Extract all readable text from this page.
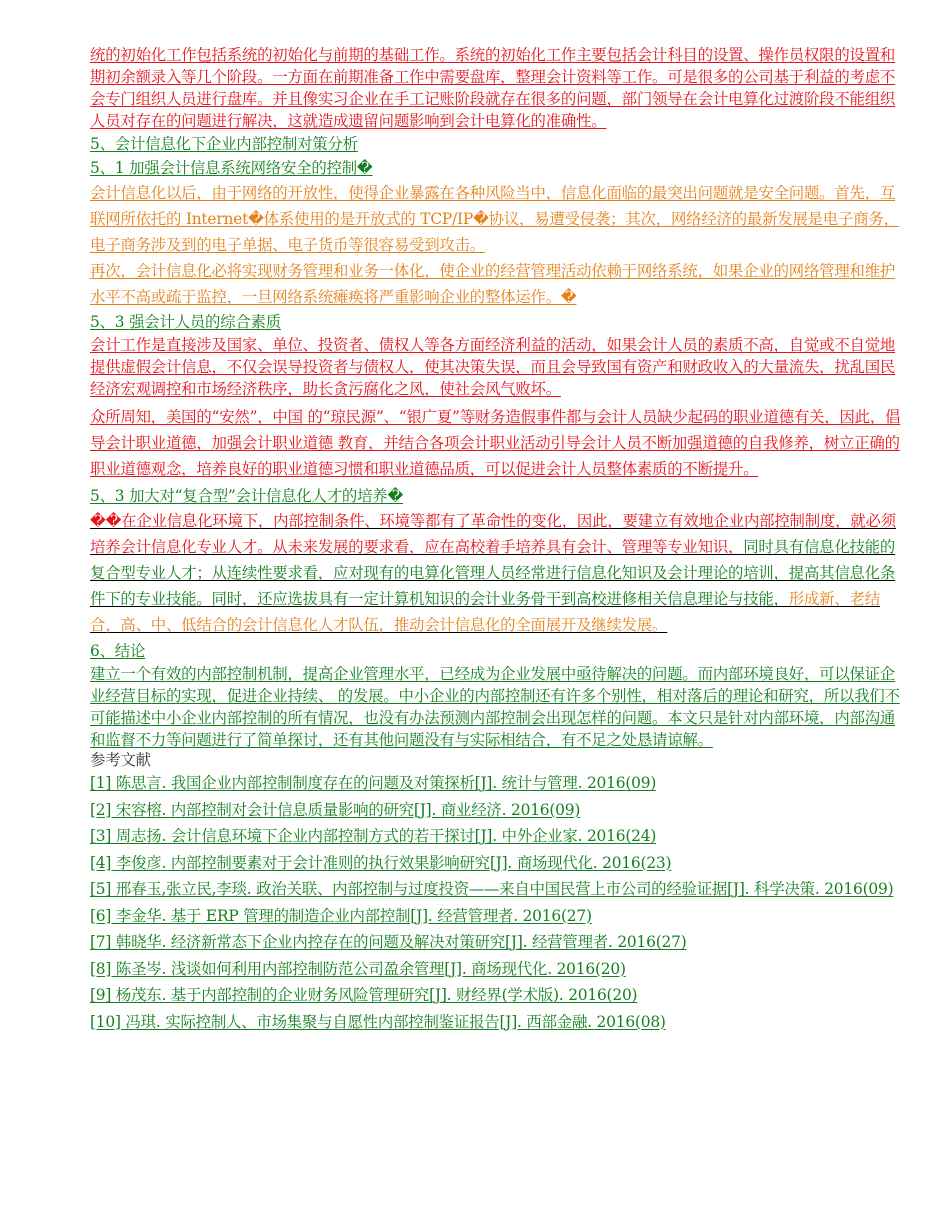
统的初始化工作包括系统的初始化与前期的基础工作。系统的初始化工作主要包括会计科目的设置、操作员权限的设置和期初余额录入等几个阶段。一方面在前期准备工作中需要盘库，整理会计资料等工作。可是很多的公司基于利益的考虑不会专门组织人员进行盘库。并且像实习企业在手工记账阶段就存在很多的问题，部门领导在会计电算化过渡阶段不能组织人员对存在的问题进行解决，这就造成遗留问题影响到会计电算化的准确性。

5、会计信息化下企业内部控制对策分析

5、1 加强会计信息系统网络安全的控制�

会计信息化以后，由于网络的开放性，使得企业暴露在各种风险当中，信息化面临的最突出问题就是安全问题。首先，互联网所依托的 Internet�体系使用的是开放式的 TCP/IP�协议，易遭受侵袭；其次，网络经济的最新发展是电子商务，电子商务涉及到的电子单据、电子货币等很容易受到攻击。

再次，会计信息化必将实现财务管理和业务一体化，使企业的经营管理活动依赖于网络系统，如果企业的网络管理和维护水平不高或疏于监控，一旦网络系统瘫痪将严重影响企业的整体运作。�

5、3 强会计人员的综合素质

会计工作是直接涉及国家、单位、投资者、债权人等各方面经济利益的活动，如果会计人员的素质不高，自觉或不自觉地提供虚假会计信息，不仅会误导投资者与债权人，使其决策失误，而且会导致国有资产和财政收入的大量流失，扰乱国民经济宏观调控和市场经济秩序，助长贪污腐化之风，使社会风气败坏。

众所周知，美国的“安然”，中国 的“琼民源”、“银广夏”等财务造假事件都与会计人员缺少起码的职业道德有关，因此，倡导会计职业道德，加强会计职业道德 教育，并结合各项会计职业活动引导会计人员不断加强道德的自我修养，树立正确的职业道德观念，培养良好的职业道德习惯和职业道德品质，可以促进会计人员整体素质的不断提升。

5、3 加大对“复合型”会计信息化人才的培养�

��在企业信息化环境下，内部控制条件、环境等都有了革命性的变化，因此，要建立有效地企业内部控制制度，就必须培养会计信息化专业人才。从未来发展的要求看，应在高校着手培养具有会计、管理等专业知识，同时具有信息化技能的复合型专业人才；从连续性要求看，应对现有的电算化管理人员经常进行信息化知识及会计理论的培训，提高其信息化条件下的专业技能。同时，还应选拔具有一定计算机知识的会计业务骨干到高校进修相关信息理论与技能，形成新、老结合，高、中、低结合的会计信息化人才队伍，推动会计信息化的全面展开及继续发展。

6、结论

建立一个有效的内部控制机制，提高企业管理水平，已经成为企业发展中亟待解决的问题。而内部环境良好，可以保证企业经营目标的实现，促进企业持续、 的发展。中小企业的内部控制还有许多个别性，相对落后的理论和研究，所以我们不可能描述中小企业内部控制的所有情况，也没有办法预测内部控制会出现怎样的问题。本文只是针对内部环境，内部沟通和监督不力等问题进行了简单探讨，还有其他问题没有与实际相结合，有不足之处恳请谅解。

参考文献

[1] 陈思言. 我国企业内部控制制度存在的问题及对策探析[J]. 统计与管理. 2016(09)

[2] 宋容榕. 内部控制对会计信息质量影响的研究[J]. 商业经济. 2016(09)

[3] 周志扬. 会计信息环境下企业内部控制方式的若干探讨[J]. 中外企业家. 2016(24)

[4] 李俊彦. 内部控制要素对于会计准则的执行效果影响研究[J]. 商场现代化. 2016(23)

[5] 邢春玉,张立民,李琰. 政治关联、内部控制与过度投资——来自中国民营上市公司的经验证据[J]. 科学决策. 2016(09)

[6] 李金华. 基于 ERP 管理的制造企业内部控制[J]. 经营管理者. 2016(27)

[7] 韩晓华. 经济新常态下企业内控存在的问题及解决对策研究[J]. 经营管理者. 2016(27)

[8] 陈圣岑. 浅谈如何利用内部控制防范公司盈余管理[J]. 商场现代化. 2016(20)

[9] 杨茂东. 基于内部控制的企业财务风险管理研究[J]. 财经界(学术版). 2016(20)

[10] 冯琪. 实际控制人、市场集聚与自愿性内部控制鉴证报告[J]. 西部金融. 2016(08)
